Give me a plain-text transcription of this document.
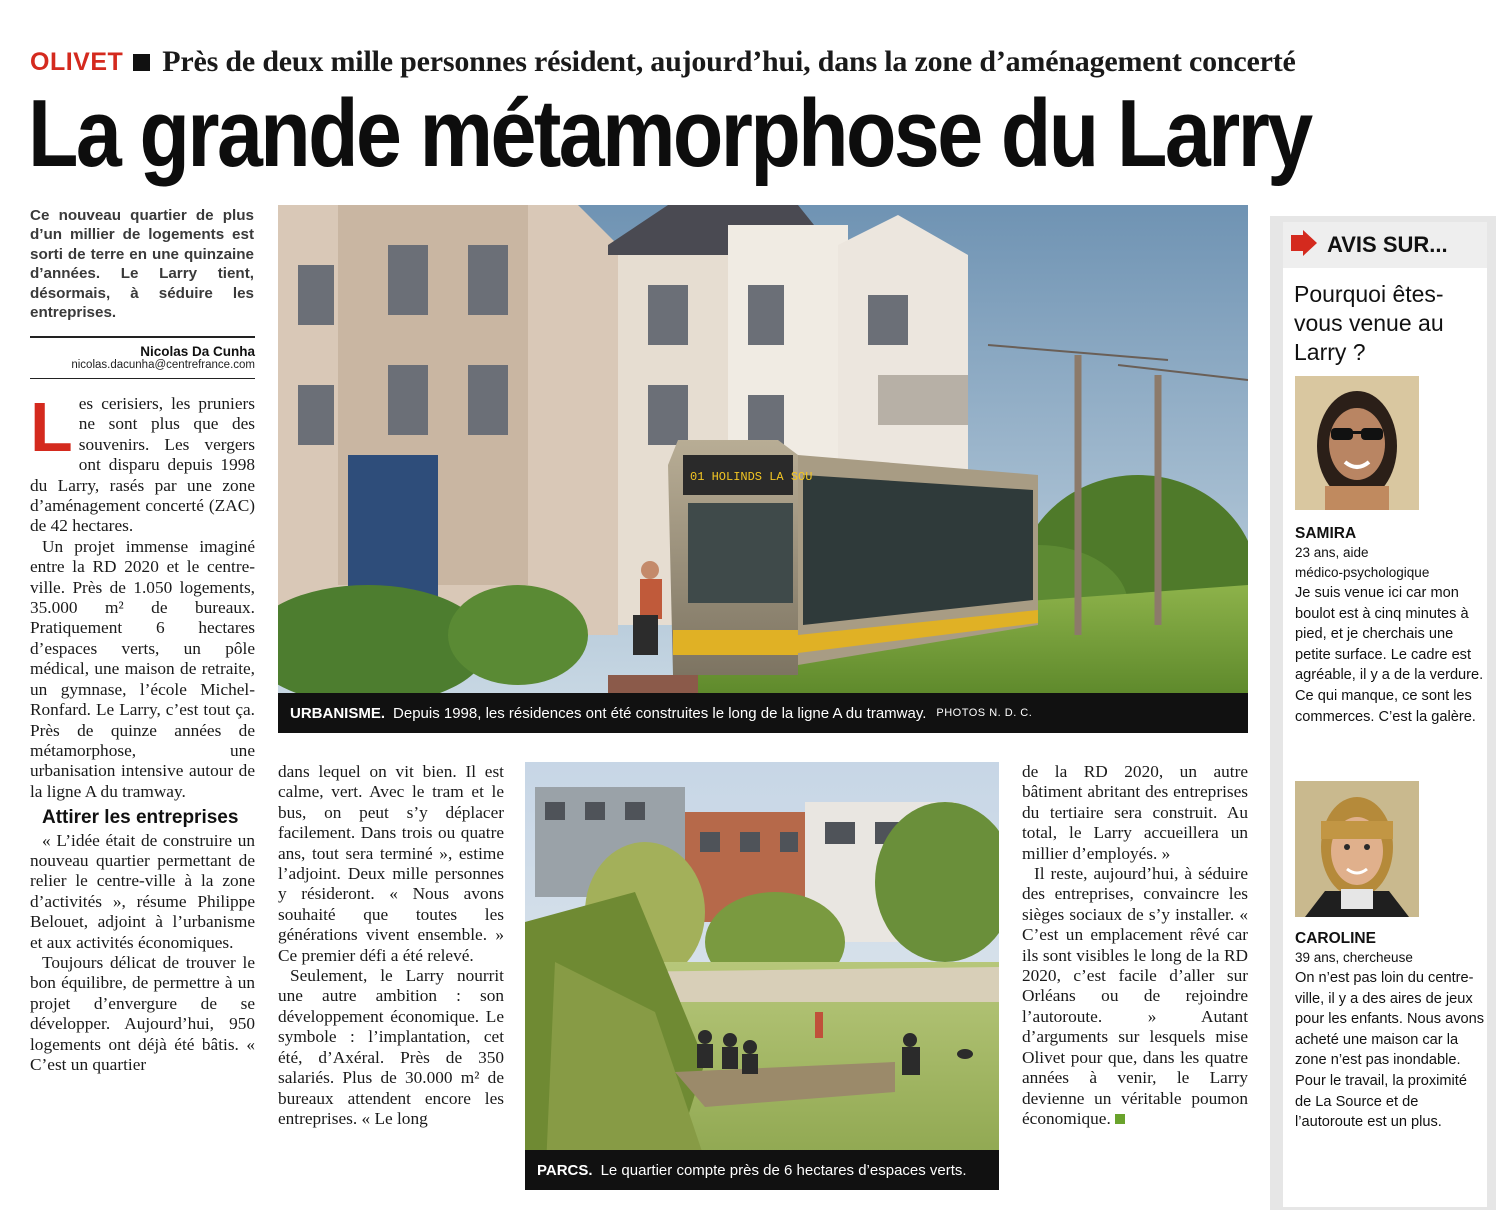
OLIVET Près de deux mille personnes résident, aujourd’hui, dans la zone d’aménagement concerté
La grande métamorphose du Larry
Ce nouveau quartier de plus d’un millier de logements est sorti de terre en une quinzaine d’années. Le Larry tient, désormais, à séduire les entreprises.
Nicolas Da Cunha
nicolas.dacunha@centrefrance.com

Les cerisiers, les pruniers ne sont plus que des souvenirs. Les vergers ont disparu depuis 1998 du Larry, rasés par une zone d’aménagement concerté (ZAC) de 42 hectares.

Un projet immense imaginé entre la RD 2020 et le centre-ville. Près de 1.050 logements, 35.000 m² de bureaux. Pratiquement 6 hectares d’espaces verts, un pôle médical, une maison de retraite, un gymnase, l’école Michel-Ronfard. Le Larry, c’est tout ça. Près de quinze années de métamorphose, une urbanisation intensive autour de la ligne A du tramway.

Attirer les entreprises

« L’idée était de construire un nouveau quartier permettant de relier le centre-ville à la zone d’activités », résume Philippe Belouet, adjoint à l’urbanisme et aux activités économiques.

Toujours délicat de trouver le bon équilibre, de permettre à un projet d’envergure de se développer. Aujourd’hui, 950 logements ont déjà été bâtis. « C’est un quartier

dans lequel on vit bien. Il est calme, vert. Avec le tram et le bus, on peut s’y déplacer facilement. Dans trois ou quatre ans, tout sera terminé », estime l’adjoint. Deux mille personnes y résideront. « Nous avons souhaité que toutes les générations vivent ensemble. » Ce premier défi a été relevé.

Seulement, le Larry nourrit une autre ambition : son développement économique. Le symbole : l’implantation, cet été, d’Axéral. Près de 350 salariés. Plus de 30.000 m² de bureaux attendent encore les entreprises. « Le long

de la RD 2020, un autre bâtiment abritant des entreprises du tertiaire sera construit. Au total, le Larry accueillera un millier d’employés. »

Il reste, aujourd’hui, à séduire des entreprises, convaincre les sièges sociaux de s’y installer. « C’est un emplacement rêvé car ils sont visibles le long de la RD 2020, c’est facile d’aller sur Orléans ou de rejoindre l’autoroute. » Autant d’arguments sur lesquels mise Olivet pour que, dans les quatre années à venir, le Larry devienne un véritable poumon économique.

01 HOLINDS LA SOU
URBANISME. Depuis 1998, les résidences ont été construites le long de la ligne A du tramway. PHOTOS N. D. C.
PARCS. Le quartier compte près de 6 hectares d’espaces verts.
AVIS SUR...
Pourquoi êtes-vous venue au Larry ?
SAMIRA
23 ans, aide
médico-psychologique
Je suis venue ici car mon boulot est à cinq minutes à pied, et je cherchais une petite surface. Le cadre est agréable, il y a de la verdure. Ce qui manque, ce sont les commerces. C’est la galère.
CAROLINE
39 ans, chercheuse
On n’est pas loin du centre-ville, il y a des aires de jeux pour les enfants. Nous avons acheté une maison car la zone n’est pas inondable. Pour le travail, la proximité de La Source et de l’autoroute est un plus.
